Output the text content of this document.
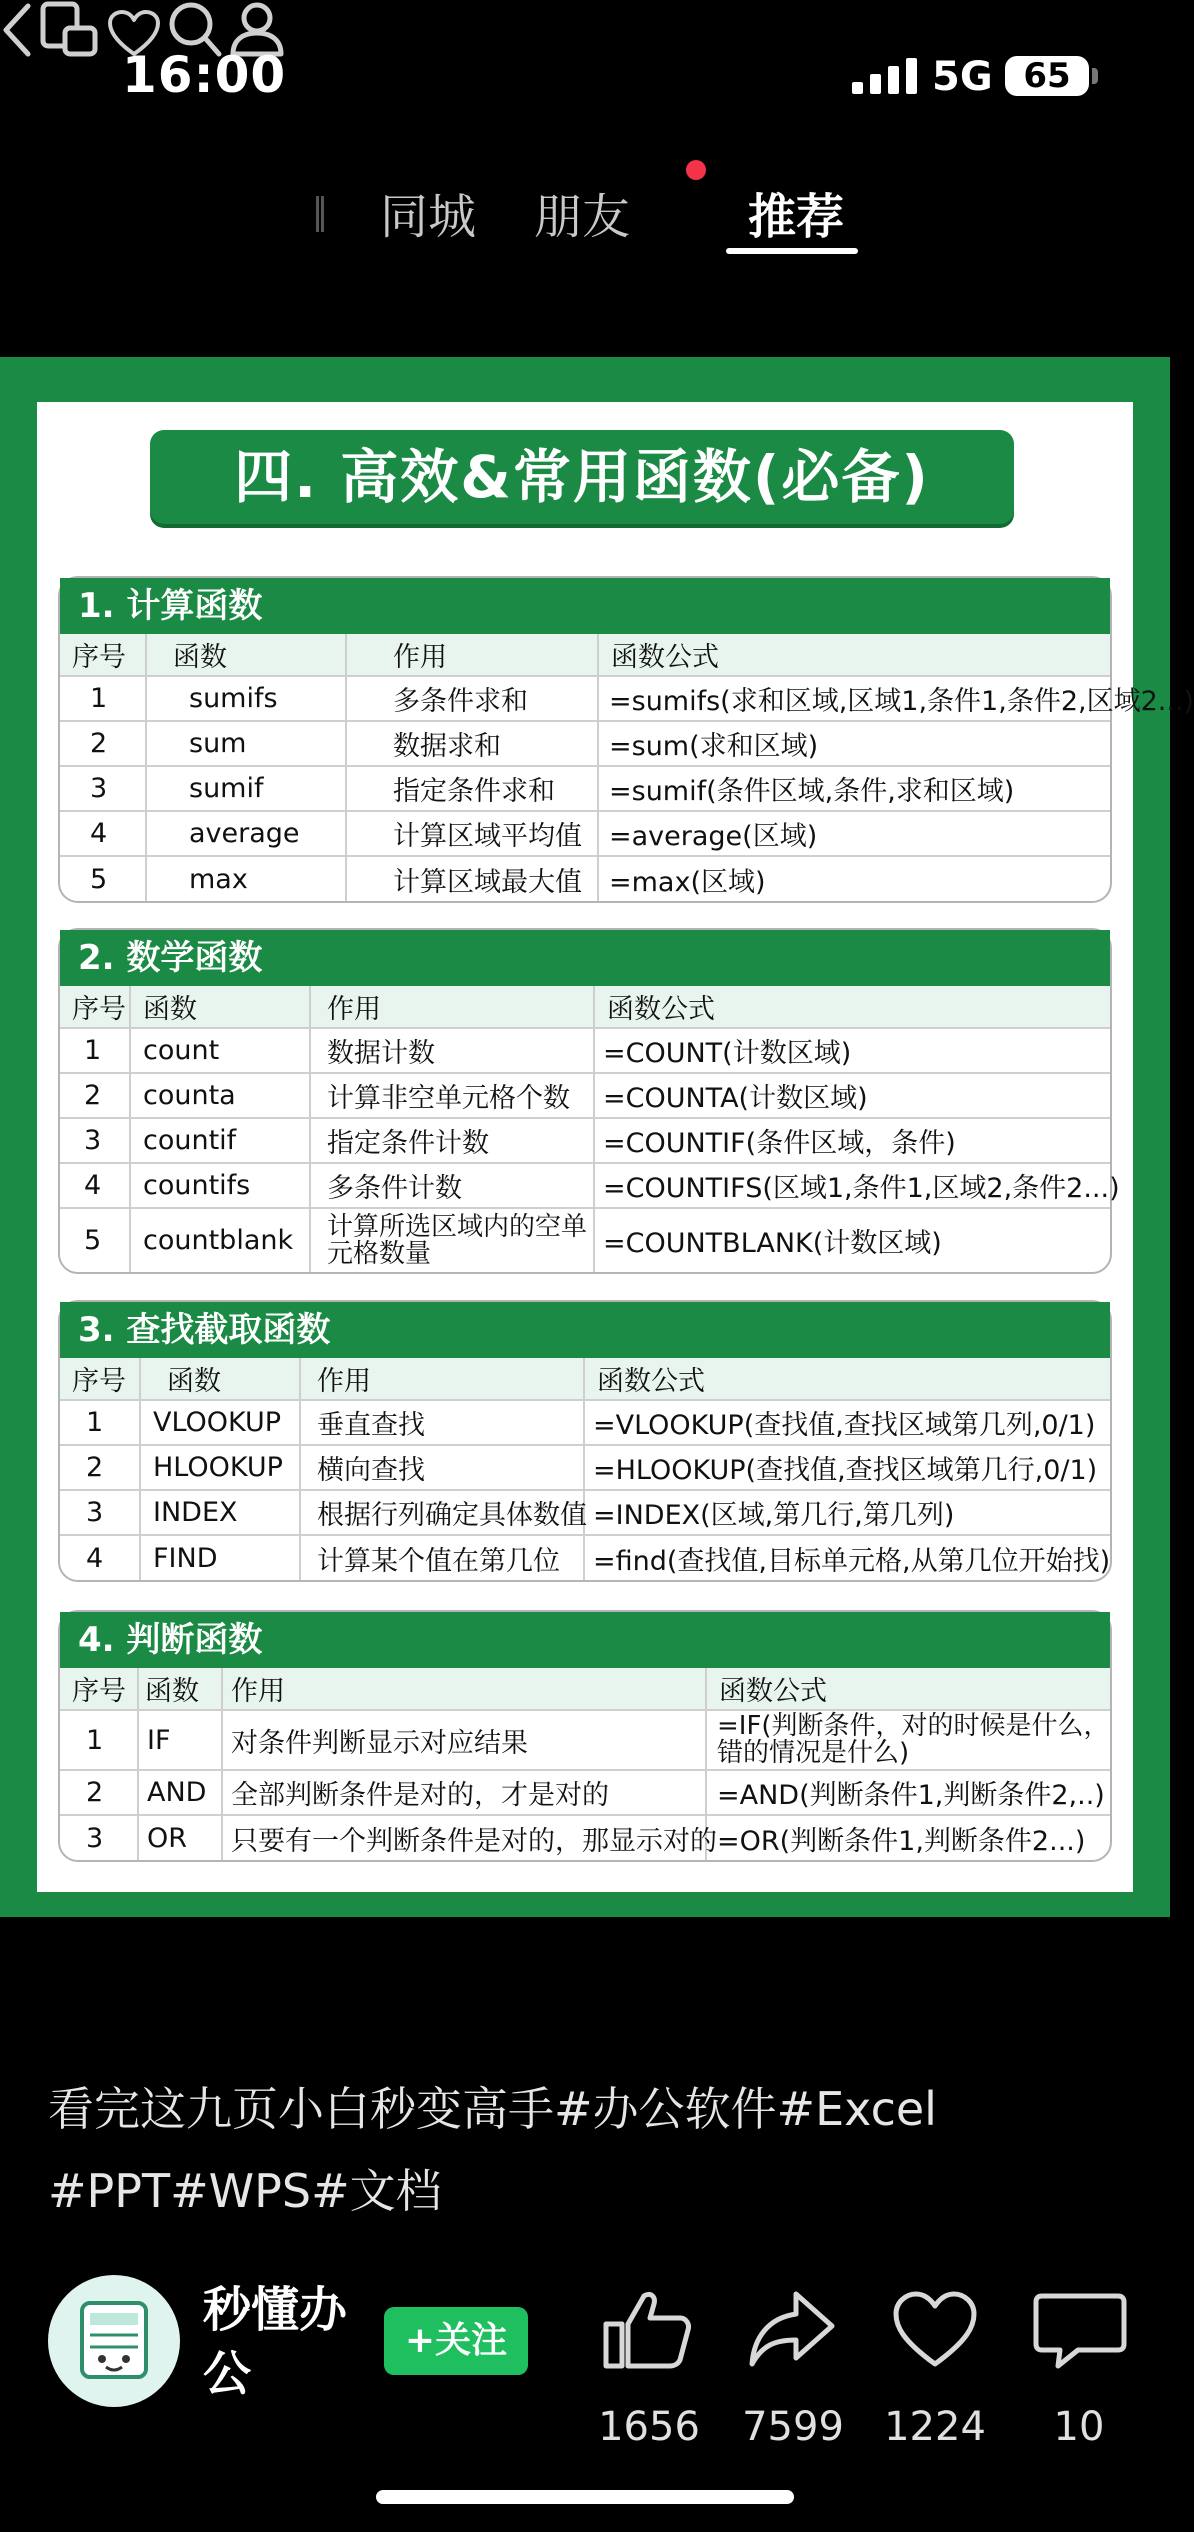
16:00	5G 65

同城 朋友
推荐

四. 高效&常用函数(必备)
1. 计算函数
序号	函数	作用	函数公式
1	sumifs	多条件求和	=sumifs(求和区域,区域1,条件1,条件2,区域2...)
2	sum	数据求和	=sum(求和区域)
3	sumif	指定条件求和	=sumif(条件区域,条件,求和区域)
4	average	计算区域平均值	=average(区域)
5	max	计算区域最大值	=max(区域)
2. 数学函数
序号	函数	作用	函数公式
1	count	数据计数	=COUNT(计数区域)
2	counta	计算非空单元格个数	=COUNTA(计数区域)
3	countif	指定条件计数	=COUNTIF(条件区域，条件)
4	countifs	多条件计数	=COUNTIFS(区域1,条件1,区域2,条件2...)
5	countblank	计算所选区域内的空单元格数量	=COUNTBLANK(计数区域)
3. 查找截取函数
序号	函数	作用	函数公式
1	VLOOKUP	垂直查找	=VLOOKUP(查找值,查找区域第几列,0/1)
2	HLOOKUP	横向查找	=HLOOKUP(查找值,查找区域第几行,0/1)
3	INDEX	根据行列确定具体数值	=INDEX(区域,第几行,第几列)
4	FIND	计算某个值在第几位	=find(查找值,目标单元格,从第几位开始找)
4. 判断函数
序号	函数	作用	函数公式
1	IF	对条件判断显示对应结果	=IF(判断条件，对的时候是什么，错的情况是什么)
2	AND	全部判断条件是对的，才是对的	=AND(判断条件1,判断条件2,..)
3	OR	只要有一个判断条件是对的，那显示对的	=OR(判断条件1,判断条件2...)
看完这九页小白秒变高手#办公软件#Excel #PPT#WPS#文档
秒懂办公
+关注
1656	7599	1224	10
